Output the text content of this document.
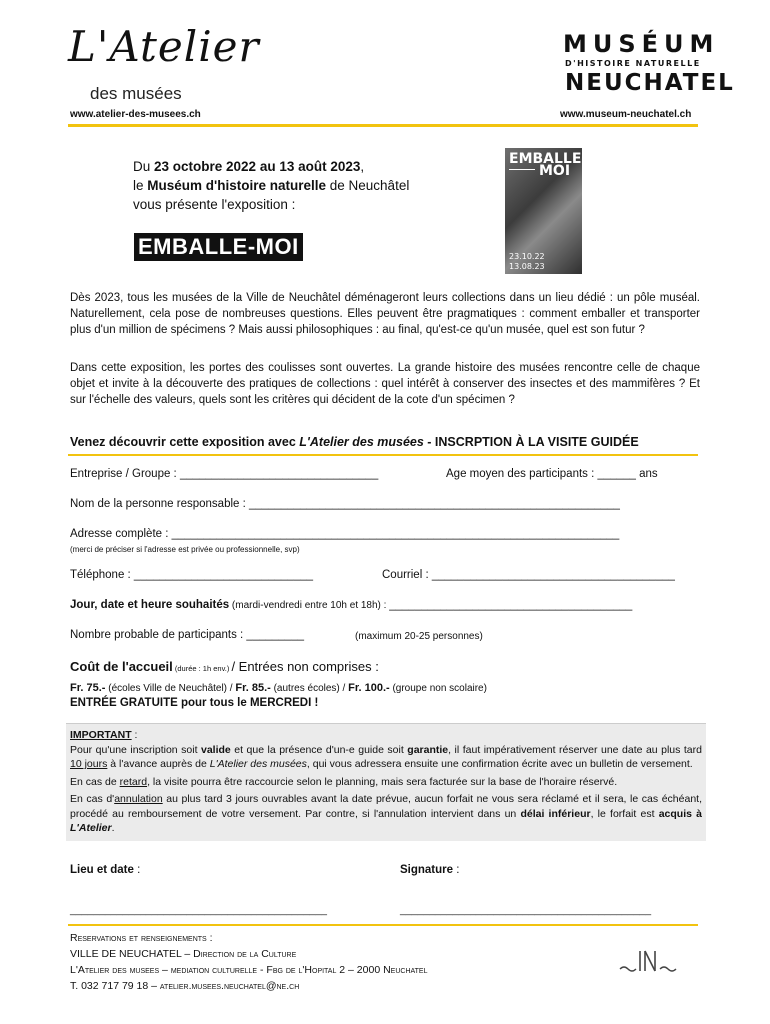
L'Atelier
des musées
www.atelier-des-musees.ch
MUSÉUM
D'HISTOIRE NATURELLE
NEUCHATEL
www.museum-neuchatel.ch
Du 23 octobre 2022 au 13 août 2023,
le Muséum d'histoire naturelle de Neuchâtel
vous présente l'exposition :
EMBALLE-MOI
EMBALLE
MOI
23.10.22
13.08.23
Dès 2023, tous les musées de la Ville de Neuchâtel déménageront leurs collections dans un lieu dédié : un pôle muséal. Naturellement, cela pose de nombreuses questions. Elles peuvent être pragmatiques : comment emballer et transporter plus d'un million de spécimens ? Mais aussi philosophiques : au final, qu'est-ce qu'un musée, quel est son futur ?
Dans cette exposition, les portes des coulisses sont ouvertes. La grande histoire des musées rencontre celle de chaque objet et invite à la découverte des pratiques de collections : quel intérêt à conserver des insectes et des mammifères ? Et sur l'échelle des valeurs, quels sont les critères qui décident de la cote d'un spécimen ?
Venez découvrir cette exposition avec L'Atelier des musées - INSCRPTION À LA VISITE GUIDÉE
Entreprise / Groupe : _______________________________	Age moyen des participants : ______ ans
Nom de la personne responsable : __________________________________________________________
Adresse complète : ______________________________________________________________________
(merci de préciser si l'adresse est privée ou professionnelle, svp)
Téléphone : ____________________________	Courriel : ______________________________________
Jour, date et heure souhaités (mardi-vendredi entre 10h et 18h) : ______________________________________
Nombre probable de participants : _________	(maximum 20-25 personnes)
Coût de l'accueil (durée : 1h env.) / Entrées non comprises :
Fr. 75.- (écoles Ville de Neuchâtel) / Fr. 85.- (autres écoles) / Fr. 100.- (groupe non scolaire)
ENTRÉE GRATUITE pour tous le MERCREDI !
IMPORTANT :
Pour qu'une inscription soit valide et que la présence d'un-e guide soit garantie, il faut impérativement réserver une date au plus tard 10 jours à l'avance auprès de L'Atelier des musées, qui vous adressera ensuite une confirmation écrite avec un bulletin de versement.
En cas de retard, la visite pourra être raccourcie selon le planning, mais sera facturée sur la base de l'horaire réservé.
En cas d'annulation au plus tard 3 jours ouvrables avant la date prévue, aucun forfait ne vous sera réclamé et il sera, le cas échéant, procédé au remboursement de votre versement. Par contre, si l'annulation intervient dans un délai inférieur, le forfait est acquis à L'Atelier.
Lieu et date :	Signature :
____________________________________________	___________________________________________
Reservations et renseignements :
VILLE DE NEUCHATEL – Direction de la Culture
L'Atelier des musees – mediation culturelle - Fbg de l'Hopital 2 – 2000 Neuchatel
T. 032 717 79 18 – atelier.musees.neuchatel@ne.ch
